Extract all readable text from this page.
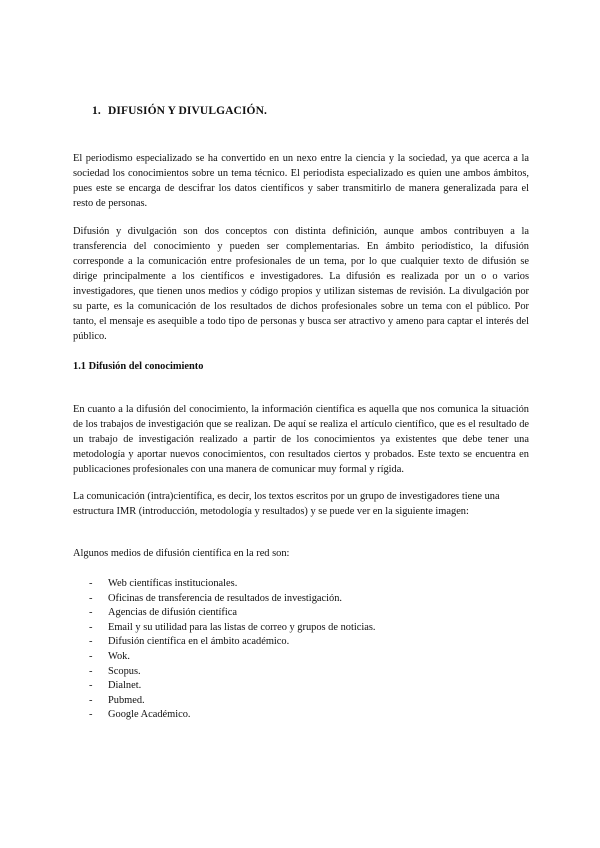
1. DIFUSIÓN Y DIVULGACIÓN.

El periodismo especializado se ha convertido en un nexo entre la ciencia y la sociedad, ya que acerca a la sociedad los conocimientos sobre un tema técnico. El periodista especializado es quien une ambos ámbitos, pues este se encarga de descifrar los datos científicos y saber transmitirlo de manera generalizada para el resto de personas.

Difusión y divulgación son dos conceptos con distinta definición, aunque ambos contribuyen a la transferencia del conocimiento y pueden ser complementarias. En ámbito periodístico, la difusión corresponde a la comunicación entre profesionales de un tema, por lo que cualquier texto de difusión se dirige principalmente a los científicos e investigadores. La difusión es realizada por un o o varios investigadores, que tienen unos medios y código propios y utilizan sistemas de revisión. La divulgación por su parte, es la comunicación de los resultados de dichos profesionales sobre un tema con el público. Por tanto, el mensaje es asequible a todo tipo de personas y busca ser atractivo y ameno para captar el interés del público.

1.1 Difusión del conocimiento

En cuanto a la difusión del conocimiento, la información científica es aquella que nos comunica la situación de los trabajos de investigación que se realizan. De aquí se realiza el artículo científico, que es el resultado de un trabajo de investigación realizado a partir de los conocimientos ya existentes que debe tener una metodología y aportar nuevos conocimientos, con resultados ciertos y probados. Este texto se encuentra en publicaciones profesionales con una manera de comunicar muy formal y rígida.

La comunicación (intra)científica, es decir, los textos escritos por un grupo de investigadores tiene una estructura IMR (introducción, metodología y resultados) y se puede ver en la siguiente imagen:

Algunos medios de difusión científica en la red son:

- Web científicas institucionales.
- Oficinas de transferencia de resultados de investigación.
- Agencias de difusión científica
- Email y su utilidad para las listas de correo y grupos de noticias.
- Difusión científica en el ámbito académico.
- Wok.
- Scopus.
- Dialnet.
- Pubmed.
- Google Académico.
